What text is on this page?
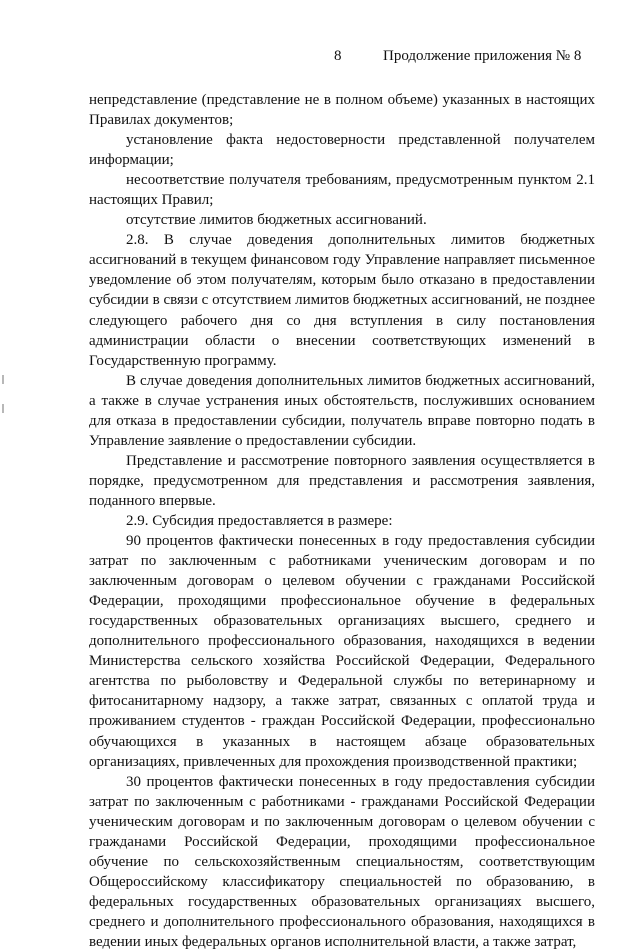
8	Продолжение приложения № 8

непредставление (представление не в полном объеме) указанных в настоящих Правилах документов;

установление факта недостоверности представленной получателем информации;

несоответствие получателя требованиям, предусмотренным пунктом 2.1 настоящих Правил;

отсутствие лимитов бюджетных ассигнований.

2.8. В случае доведения дополнительных лимитов бюджетных ассигнований в текущем финансовом году Управление направляет письменное уведомление об этом получателям, которым было отказано в предоставлении субсидии в связи с отсутствием лимитов бюджетных ассигнований, не позднее следующего рабочего дня со дня вступления в силу постановления администрации области о внесении соответствующих изменений в Государственную программу.

В случае доведения дополнительных лимитов бюджетных ассигнований, а также в случае устранения иных обстоятельств, послуживших основанием для отказа в предоставлении субсидии, получатель вправе повторно подать в Управление заявление о предоставлении субсидии.

Представление и рассмотрение повторного заявления осуществляется в порядке, предусмотренном для представления и рассмотрения заявления, поданного впервые.

2.9. Субсидия предоставляется в размере:

90 процентов фактически понесенных в году предоставления субсидии затрат по заключенным с работниками ученическим договорам и по заключенным договорам о целевом обучении с гражданами Российской Федерации, проходящими профессиональное обучение в федеральных государственных образовательных организациях высшего, среднего и дополнительного профессионального образования, находящихся в ведении Министерства сельского хозяйства Российской Федерации, Федерального агентства по рыболовству и Федеральной службы по ветеринарному и фитосанитарному надзору, а также затрат, связанных с оплатой труда и проживанием студентов - граждан Российской Федерации, профессионально обучающихся в указанных в настоящем абзаце образовательных организациях, привлеченных для прохождения производственной практики;

30 процентов фактически понесенных в году предоставления субсидии затрат по заключенным с работниками - гражданами Российской Федерации ученическим договорам и по заключенным договорам о целевом обучении с гражданами Российской Федерации, проходящими профессиональное обучение по сельскохозяйственным специальностям, соответствующим Общероссийскому классификатору специальностей по образованию, в федеральных государственных образовательных организациях высшего, среднего и дополнительного профессионального образования, находящихся в ведении иных федеральных органов исполнительной власти, а также затрат,
